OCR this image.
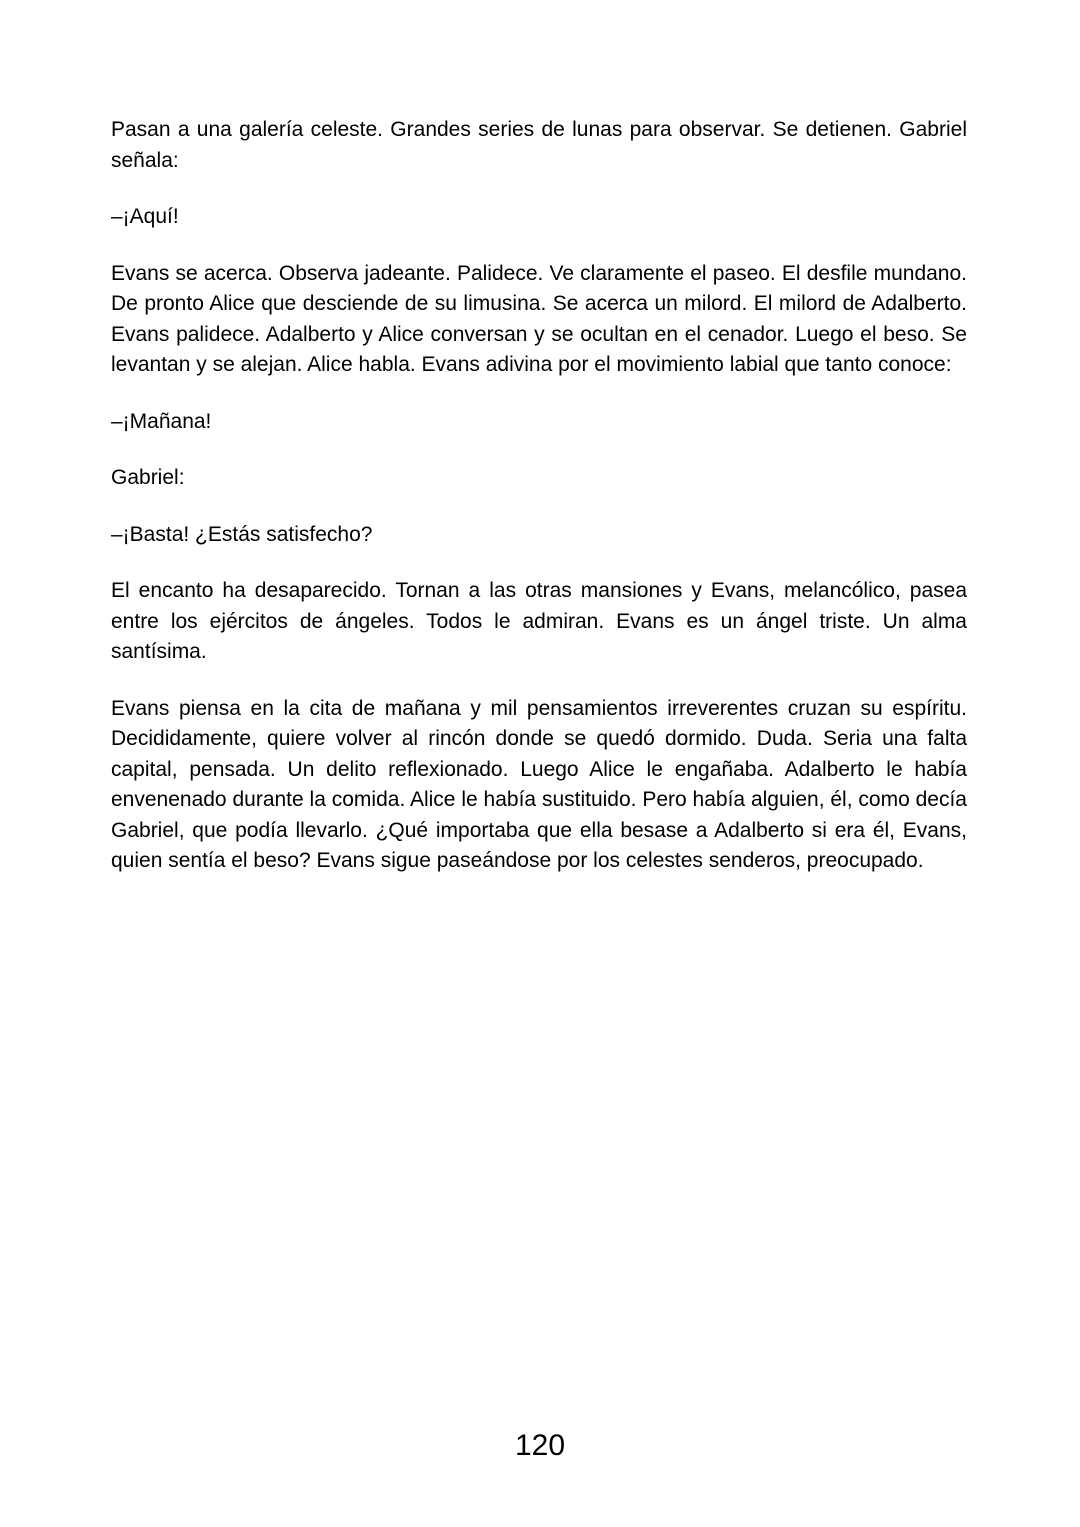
Pasan a una galería celeste. Grandes series de lunas para observar. Se detienen. Gabriel señala:

–¡Aquí!

Evans se acerca. Observa jadeante. Palidece. Ve claramente el paseo. El desfile mundano. De pronto Alice que desciende de su limusina. Se acerca un milord. El milord de Adalberto. Evans palidece. Adalberto y Alice conversan y se ocultan en el cenador. Luego el beso. Se levantan y se alejan. Alice habla. Evans adivina por el movimiento labial que tanto conoce:

–¡Mañana!

Gabriel:

–¡Basta! ¿Estás satisfecho?

El encanto ha desaparecido. Tornan a las otras mansiones y Evans, melancólico, pasea entre los ejércitos de ángeles. Todos le admiran. Evans es un ángel triste. Un alma santísima.

Evans piensa en la cita de mañana y mil pensamientos irreverentes cruzan su espíritu. Decididamente, quiere volver al rincón donde se quedó dormido. Duda. Seria una falta capital, pensada. Un delito reflexionado. Luego Alice le engañaba. Adalberto le había envenenado durante la comida. Alice le había sustituido. Pero había alguien, él, como decía Gabriel, que podía llevarlo. ¿Qué importaba que ella besase a Adalberto si era él, Evans, quien sentía el beso? Evans sigue paseándose por los celestes senderos, preocupado.

120
